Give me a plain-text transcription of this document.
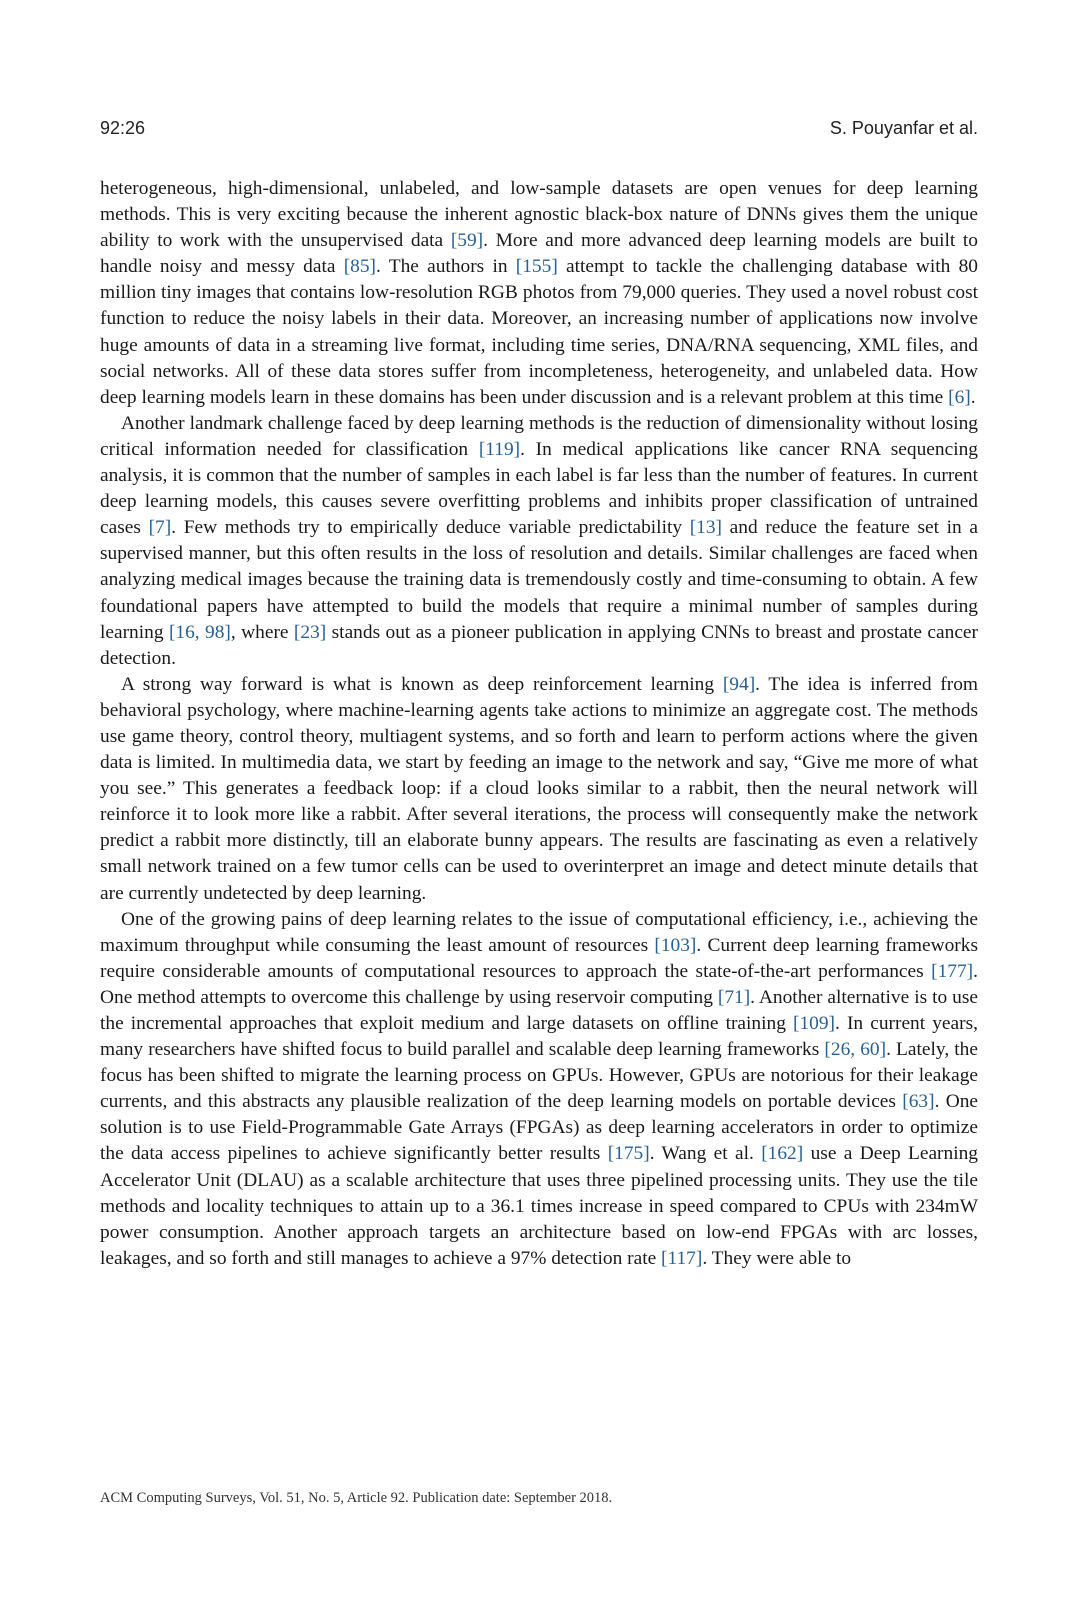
92:26	S. Pouyanfar et al.

heterogeneous, high-dimensional, unlabeled, and low-sample datasets are open venues for deep learning methods. This is very exciting because the inherent agnostic black-box nature of DNNs gives them the unique ability to work with the unsupervised data [59]. More and more advanced deep learning models are built to handle noisy and messy data [85]. The authors in [155] attempt to tackle the challenging database with 80 million tiny images that contains low-resolution RGB photos from 79,000 queries. They used a novel robust cost function to reduce the noisy labels in their data. Moreover, an increasing number of applications now involve huge amounts of data in a streaming live format, including time series, DNA/RNA sequencing, XML files, and social networks. All of these data stores suffer from incompleteness, heterogeneity, and unlabeled data. How deep learning models learn in these domains has been under discussion and is a relevant problem at this time [6].

Another landmark challenge faced by deep learning methods is the reduction of dimensionality without losing critical information needed for classification [119]. In medical applications like cancer RNA sequencing analysis, it is common that the number of samples in each label is far less than the number of features. In current deep learning models, this causes severe overfitting problems and inhibits proper classification of untrained cases [7]. Few methods try to empirically deduce variable predictability [13] and reduce the feature set in a supervised manner, but this often results in the loss of resolution and details. Similar challenges are faced when analyzing medical images because the training data is tremendously costly and time-consuming to obtain. A few foundational papers have attempted to build the models that require a minimal number of samples during learning [16, 98], where [23] stands out as a pioneer publication in applying CNNs to breast and prostate cancer detection.

A strong way forward is what is known as deep reinforcement learning [94]. The idea is inferred from behavioral psychology, where machine-learning agents take actions to minimize an aggregate cost. The methods use game theory, control theory, multiagent systems, and so forth and learn to perform actions where the given data is limited. In multimedia data, we start by feeding an image to the network and say, “Give me more of what you see.” This generates a feedback loop: if a cloud looks similar to a rabbit, then the neural network will reinforce it to look more like a rabbit. After several iterations, the process will consequently make the network predict a rabbit more distinctly, till an elaborate bunny appears. The results are fascinating as even a relatively small network trained on a few tumor cells can be used to overinterpret an image and detect minute details that are currently undetected by deep learning.

One of the growing pains of deep learning relates to the issue of computational efficiency, i.e., achieving the maximum throughput while consuming the least amount of resources [103]. Current deep learning frameworks require considerable amounts of computational resources to approach the state-of-the-art performances [177]. One method attempts to overcome this challenge by using reservoir computing [71]. Another alternative is to use the incremental approaches that exploit medium and large datasets on offline training [109]. In current years, many researchers have shifted focus to build parallel and scalable deep learning frameworks [26, 60]. Lately, the focus has been shifted to migrate the learning process on GPUs. However, GPUs are notorious for their leakage currents, and this abstracts any plausible realization of the deep learning models on portable devices [63]. One solution is to use Field-Programmable Gate Arrays (FPGAs) as deep learning accelerators in order to optimize the data access pipelines to achieve significantly better results [175]. Wang et al. [162] use a Deep Learning Accelerator Unit (DLAU) as a scalable architecture that uses three pipelined processing units. They use the tile methods and locality techniques to attain up to a 36.1 times increase in speed compared to CPUs with 234mW power consumption. Another approach targets an architecture based on low-end FPGAs with arc losses, leakages, and so forth and still manages to achieve a 97% detection rate [117]. They were able to

ACM Computing Surveys, Vol. 51, No. 5, Article 92. Publication date: September 2018.
